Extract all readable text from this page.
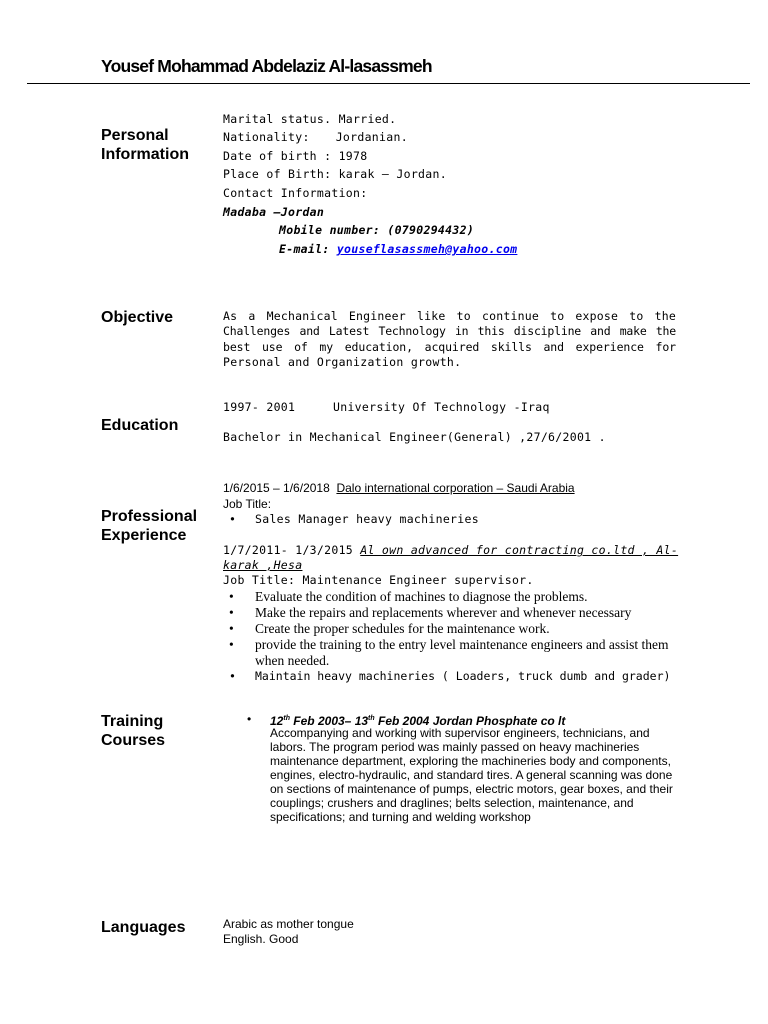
Yousef Mohammad Abdelaziz Al-lasassmeh
Personal
Information
Marital status. Married.
Nationality: Jordanian.
Date of birth : 1978
Place of Birth: karak – Jordan.
Contact Information:
Madaba –Jordan
Mobile number: (0790294432)
E-mail: youseflasassmeh@yahoo.com
Objective	As a Mechanical Engineer like to continue to expose to the
Challenges and Latest Technology in this discipline and make the
best use of my education, acquired skills and experience for
Personal and Organization growth.
Education
1997- 2001	University Of Technology -Iraq
Bachelor in Mechanical Engineer(General) ,27/6/2001 .
Professional
Experience
1/6/2015 – 1/6/2018 Dalo international corporation – Saudi Arabia
Job Title:
• Sales Manager heavy machineries
1/7/2011- 1/3/2015 Al own advanced for contracting co.ltd , Al-
karak ,Hesa
Job Title: Maintenance Engineer supervisor.
• Evaluate the condition of machines to diagnose the problems.
• Make the repairs and replacements wherever and whenever necessary
• Create the proper schedules for the maintenance work.
• provide the training to the entry level maintenance engineers and assist them when needed.
• Maintain heavy machineries ( Loaders, truck dumb and grader)
Training
Courses
• 12th Feb 2003– 13th Feb 2004 Jordan Phosphate co lt
Accompanying and working with supervisor engineers, technicians, and labors. The program period was mainly passed on heavy machineries maintenance department, exploring the machineries body and components, engines, electro-hydraulic, and standard tires. A general scanning was done on sections of maintenance of pumps, electric motors, gear boxes, and their couplings; crushers and draglines; belts selection, maintenance, and specifications; and turning and welding workshop
Languages	Arabic as mother tongue
English. Good
